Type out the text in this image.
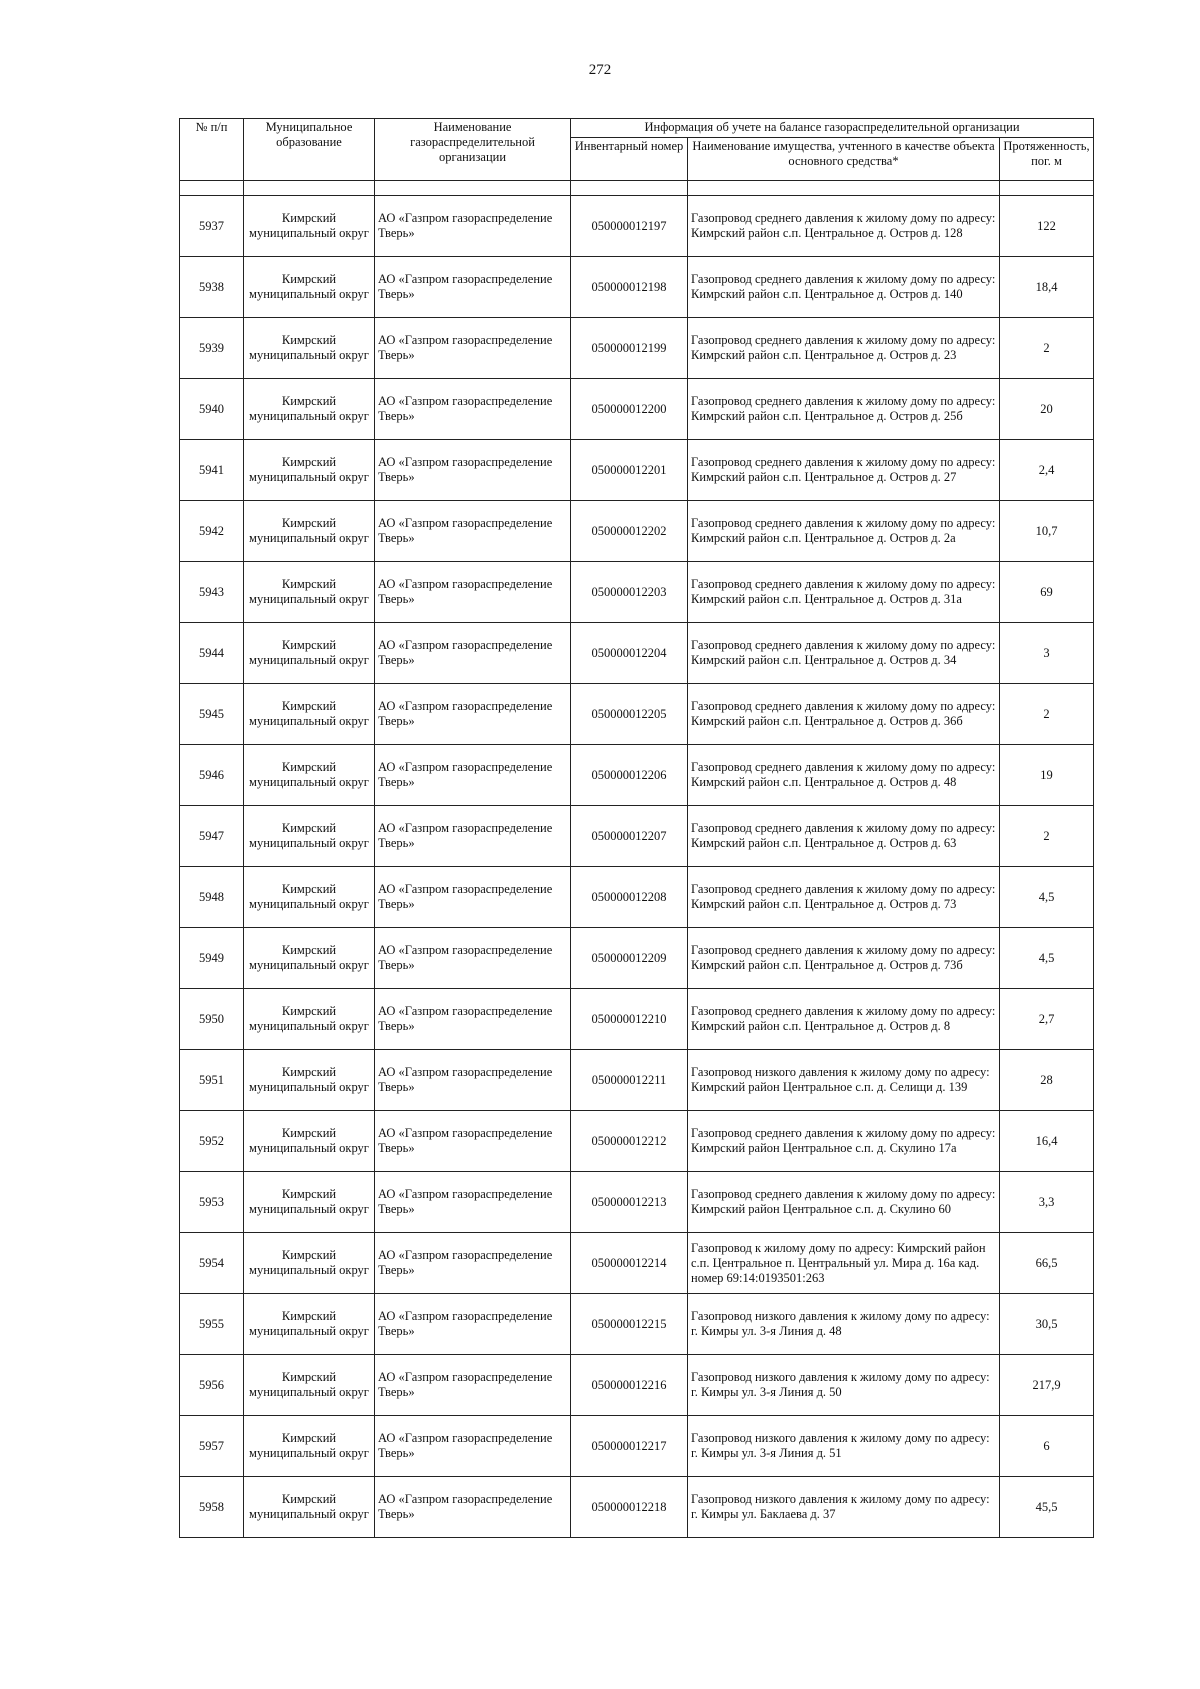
272
№ п/п	Муниципальное образование	Наименование газораспределительной организации	Информация об учете на балансе газораспределительной организации		
			Инвентарный номер	Наименование имущества, учтенного в качестве объекта основного средства*	Протяженность, пог. м

5937	Кимрский муниципальный округ	АО «Газпром газораспределение Тверь»	050000012197	Газопровод среднего давления к жилому дому по адресу: Кимрский район с.п. Центральное д. Остров д. 128	122
5938	Кимрский муниципальный округ	АО «Газпром газораспределение Тверь»	050000012198	Газопровод среднего давления к жилому дому по адресу: Кимрский район с.п. Центральное д. Остров д. 140	18,4
5939	Кимрский муниципальный округ	АО «Газпром газораспределение Тверь»	050000012199	Газопровод среднего давления к жилому дому по адресу: Кимрский район с.п. Центральное д. Остров д. 23	2
5940	Кимрский муниципальный округ	АО «Газпром газораспределение Тверь»	050000012200	Газопровод среднего давления к жилому дому по адресу: Кимрский район с.п. Центральное д. Остров д. 25б	20
5941	Кимрский муниципальный округ	АО «Газпром газораспределение Тверь»	050000012201	Газопровод среднего давления к жилому дому по адресу: Кимрский район с.п. Центральное д. Остров д. 27	2,4
5942	Кимрский муниципальный округ	АО «Газпром газораспределение Тверь»	050000012202	Газопровод среднего давления к жилому дому по адресу: Кимрский район с.п. Центральное д. Остров д. 2а	10,7
5943	Кимрский муниципальный округ	АО «Газпром газораспределение Тверь»	050000012203	Газопровод среднего давления к жилому дому по адресу: Кимрский район с.п. Центральное д. Остров д. 31а	69
5944	Кимрский муниципальный округ	АО «Газпром газораспределение Тверь»	050000012204	Газопровод среднего давления к жилому дому по адресу: Кимрский район с.п. Центральное д. Остров д. 34	3
5945	Кимрский муниципальный округ	АО «Газпром газораспределение Тверь»	050000012205	Газопровод среднего давления к жилому дому по адресу: Кимрский район с.п. Центральное д. Остров д. 36б	2
5946	Кимрский муниципальный округ	АО «Газпром газораспределение Тверь»	050000012206	Газопровод среднего давления к жилому дому по адресу: Кимрский район с.п. Центральное д. Остров д. 48	19
5947	Кимрский муниципальный округ	АО «Газпром газораспределение Тверь»	050000012207	Газопровод среднего давления к жилому дому по адресу: Кимрский район с.п. Центральное д. Остров д. 63	2
5948	Кимрский муниципальный округ	АО «Газпром газораспределение Тверь»	050000012208	Газопровод среднего давления к жилому дому по адресу: Кимрский район с.п. Центральное д. Остров д. 73	4,5
5949	Кимрский муниципальный округ	АО «Газпром газораспределение Тверь»	050000012209	Газопровод среднего давления к жилому дому по адресу: Кимрский район с.п. Центральное д. Остров д. 73б	4,5
5950	Кимрский муниципальный округ	АО «Газпром газораспределение Тверь»	050000012210	Газопровод среднего давления к жилому дому по адресу: Кимрский район с.п. Центральное д. Остров д. 8	2,7
5951	Кимрский муниципальный округ	АО «Газпром газораспределение Тверь»	050000012211	Газопровод низкого давления к жилому дому по адресу: Кимрский район Центральное с.п. д. Селищи д. 139	28
5952	Кимрский муниципальный округ	АО «Газпром газораспределение Тверь»	050000012212	Газопровод среднего давления к жилому дому по адресу: Кимрский район Центральное с.п. д. Скулино 17а	16,4
5953	Кимрский муниципальный округ	АО «Газпром газораспределение Тверь»	050000012213	Газопровод среднего давления к жилому дому по адресу: Кимрский район Центральное с.п. д. Скулино 60	3,3
5954	Кимрский муниципальный округ	АО «Газпром газораспределение Тверь»	050000012214	Газопровод к жилому дому по адресу: Кимрский район с.п. Центральное п. Центральный ул. Мира д. 16а кад. номер 69:14:0193501:263	66,5
5955	Кимрский муниципальный округ	АО «Газпром газораспределение Тверь»	050000012215	Газопровод низкого давления к жилому дому по адресу: г. Кимры ул. 3-я Линия д. 48	30,5
5956	Кимрский муниципальный округ	АО «Газпром газораспределение Тверь»	050000012216	Газопровод низкого давления к жилому дому по адресу: г. Кимры ул. 3-я Линия д. 50	217,9
5957	Кимрский муниципальный округ	АО «Газпром газораспределение Тверь»	050000012217	Газопровод низкого давления к жилому дому по адресу: г. Кимры ул. 3-я Линия д. 51	6
5958	Кимрский муниципальный округ	АО «Газпром газораспределение Тверь»	050000012218	Газопровод низкого давления к жилому дому по адресу: г. Кимры ул. Баклаева д. 37	45,5
